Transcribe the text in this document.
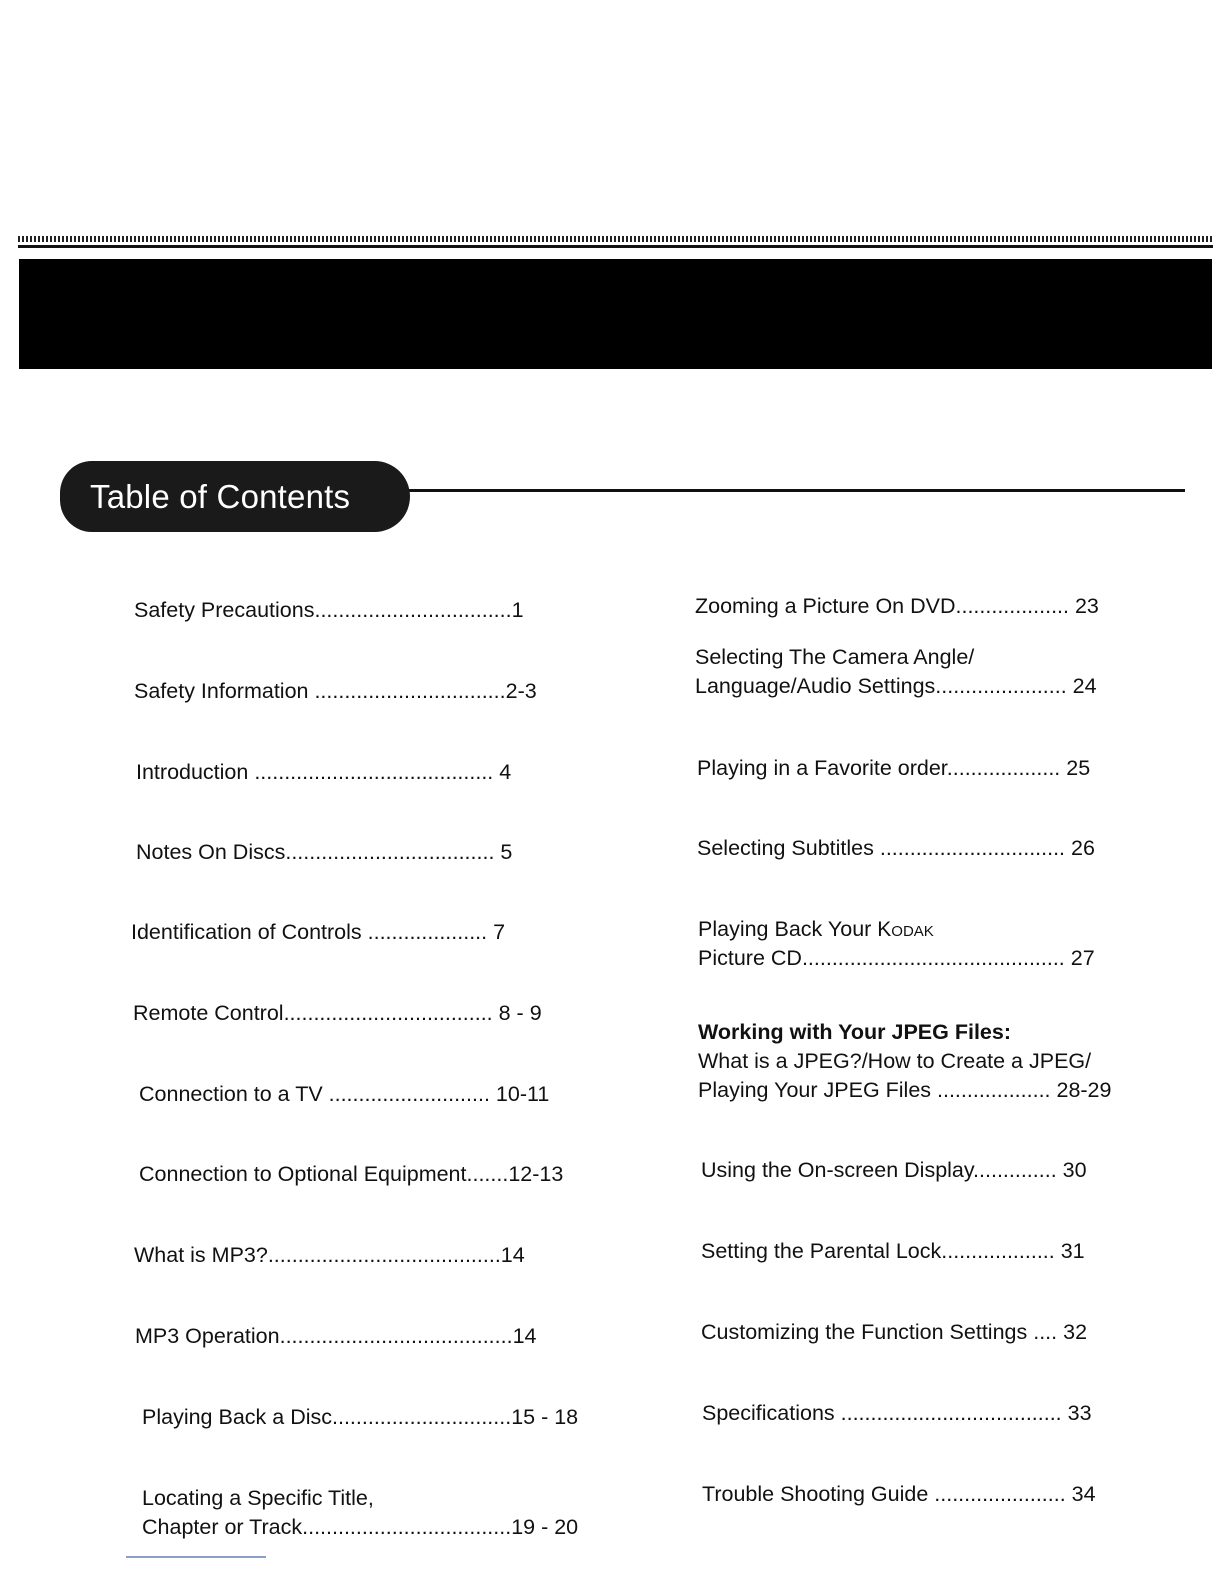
Table of Contents
Safety Precautions.................................1
Safety Information ................................2-3
Introduction ........................................ 4
Notes On Discs................................... 5
Identification of Controls .................... 7
Remote Control................................... 8 - 9
Connection to a TV ........................... 10-11
Connection to Optional Equipment.......12-13
What is MP3?.......................................14
MP3 Operation.......................................14
Playing Back a Disc..............................15 - 18
Locating a Specific Title,
Chapter or Track...................................19 - 20
Zooming a Picture On DVD................... 23
Selecting The Camera Angle/
Language/Audio Settings...................... 24
Playing in a Favorite order................... 25
Selecting Subtitles ............................... 26
Playing Back Your Kodak
Picture CD............................................ 27
Working with Your JPEG Files:
What is a JPEG?/How to Create a JPEG/
Playing Your JPEG Files ................... 28-29
Using the On-screen Display.............. 30
Setting the Parental Lock................... 31
Customizing the Function Settings .... 32
Specifications ..................................... 33
Trouble Shooting Guide ...................... 34
